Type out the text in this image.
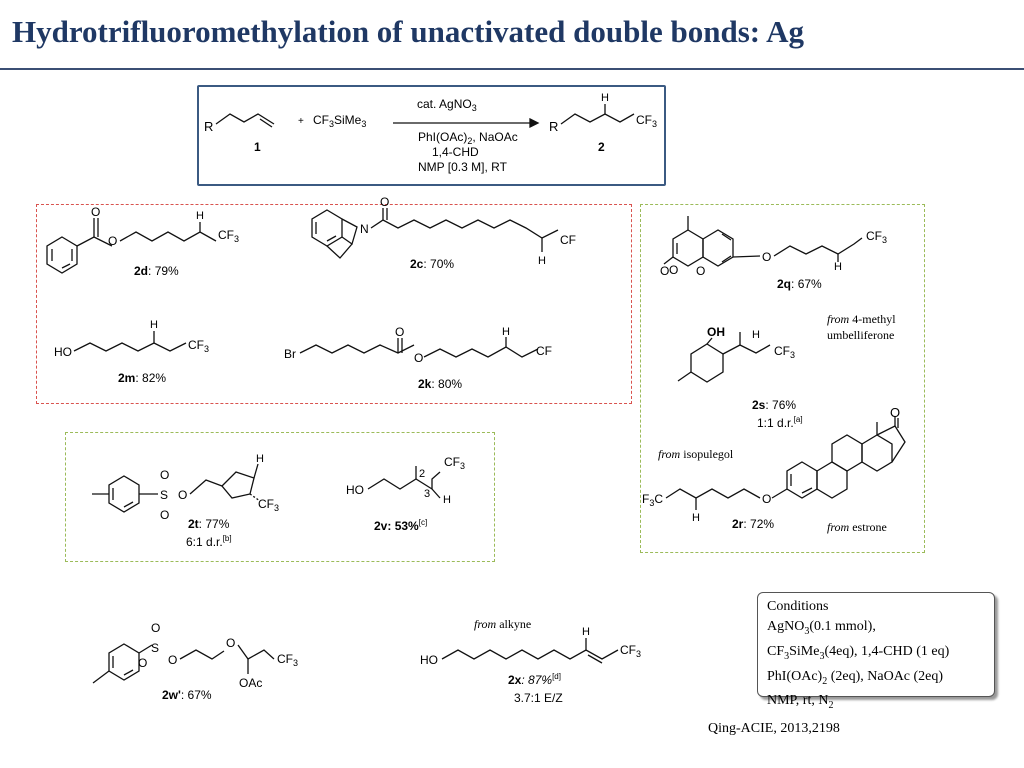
Hydrotrifluoromethylation of unactivated double bonds: Ag
R
1
+ $CF_3SiMe_3$
cat. AgNO$_3$
$PhI(OAc)_2$, NaOAc
1,4-CHD
NMP [0.3 M], RT
R
H
$CF_3$
2
O
O
H
$CF_3$
2d: 79%
N
O
H
CF
2c: 70%
HO
H
$CF_3$
2m: 82%
Br
O
O
H
CF
2k: 80%
O O
O
O
H
$CF_3$
2q: 67%
OH H
$CF_3$
2s: 76%
1:1 d.r.[a]	O
O
H
$F_3C$
2r: 72%
S
O
O
O
H
$CF_3$
2t: 77%
6:1 d.r.[b]
HO
2
3
$CF_3$
H
2v: 53%[c]
S
O
O O
O
OAc
$CF_3$
2w': 67%
HO
H
$CF_3$
2x: 87%[d]
3.7:1 E/Z
from 4-methyl
umbelliferone
from isopulegol
from estrone
from alkyne
Conditions
AgNO$_3$(0.1 mmol),
$CF_3SiMe_3(4eq)$, 1,4-CHD (1 eq)
$PhI(OAc)_2$ (2eq), NaOAc (2eq)
NMP, rt, $N_2$
Qing-ACIE, 2013,2198
